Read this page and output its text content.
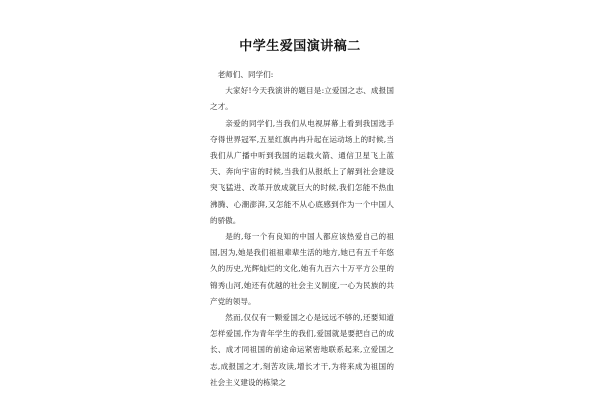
中学生爱国演讲稿二

老师们、同学们:

大家好!今天我演讲的题目是:立爱国之志、成报国之才。

亲爱的同学们,当我们从电视屏幕上看到我国选手夺得世界冠军,五星红旗冉冉升起在运动场上的时候,当我们从广播中听到我国的运载火箭、通信卫星飞上蓝天、奔向宇宙的时候,当我们从报纸上了解到社会建设突飞猛进、改革开放成就巨大的时候,我们怎能不热血沸腾、心潮澎湃,又怎能不从心底感到作为一个中国人的骄傲。

是的,每一个有良知的中国人都应该热爱自己的祖国,因为,她是我们祖祖辈辈生活的地方,她已有五千年悠久的历史,光辉灿烂的文化,她有九百六十万平方公里的锦秀山河,她还有优越的社会主义制度,一心为民族的共产党的领导。

然而,仅仅有一颗爱国之心是远远不够的,还要知道怎样爱国,作为青年学生的我们,爱国就是要把自己的成长、成才同祖国的前途命运紧密地联系起来,立爱国之志,成报国之才,刻苦攻读,增长才干,为将来成为祖国的社会主义建设的栋梁之
